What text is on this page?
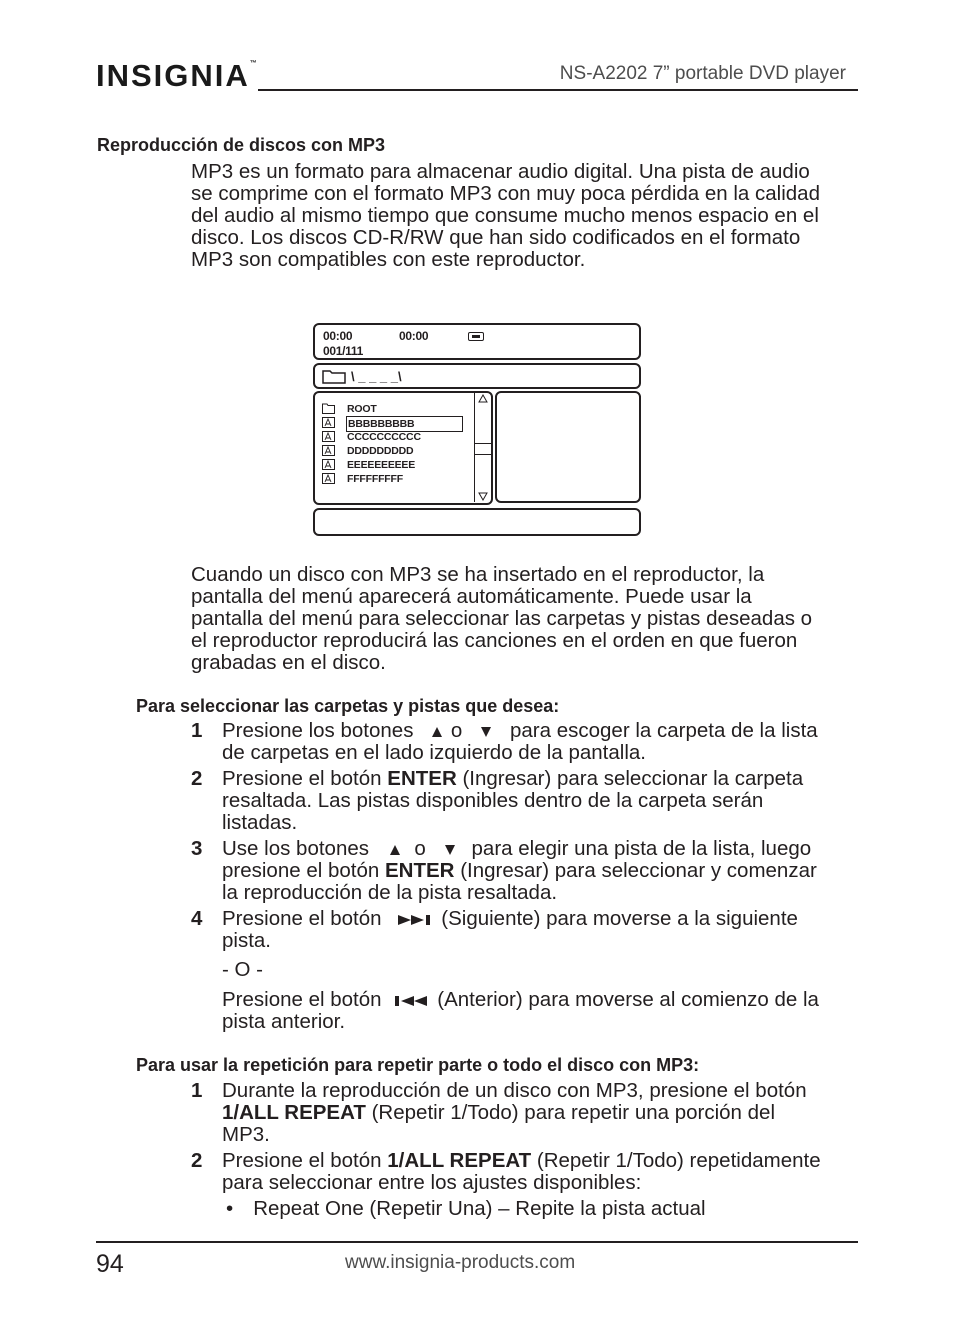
INSIGNIA™	NS-A2202 7” portable DVD player
Reproducción de discos con MP3

MP3 es un formato para almacenar audio digital. Una pista de audio

se comprime con el formato MP3 con muy poca pérdida en la calidad

del audio al mismo tiempo que consume mucho menos espacio en el

disco. Los discos CD-R/RW que han sido codificados en el formato

MP3 son compatibles con este reproductor.

00:00	00:00
001/111
\ _ _ _ _\
ROOT
BBBBBBBBB
CCCCCCCCCC
DDDDDDDDD
EEEEEEEEEE
FFFFFFFFF

Cuando un disco con MP3 se ha insertado en el reproductor, la

pantalla del menú aparecerá automáticamente. Puede usar la

pantalla del menú para seleccionar las carpetas y pistas deseadas o

el reproductor reproducirá las canciones en el orden en que fueron

grabadas en el disco.

Para seleccionar las carpetas y pistas que desea:
1 Presione los botones o para escoger la carpeta de la lista
de carpetas en el lado izquierdo de la pantalla.
2 Presione el botón ENTER (Ingresar) para seleccionar la carpeta
resaltada. Las pistas disponibles dentro de la carpeta serán
listadas.
3 Use los botones o para elegir una pista de la lista, luego
presione el botón ENTER (Ingresar) para seleccionar y comenzar
la reproducción de la pista resaltada.
4 Presione el botón	(Siguiente) para moverse a la siguiente
pista.
- O -
Presione el botón	(Anterior) para moverse al comienzo de la
pista anterior.
Para usar la repetición para repetir parte o todo el disco con MP3:
1 Durante la reproducción de un disco con MP3, presione el botón
1/ALL REPEAT (Repetir 1/Todo) para repetir una porción del
MP3.
2 Presione el botón 1/ALL REPEAT (Repetir 1/Todo) repetidamente
para seleccionar entre los ajustes disponibles:
• Repeat One (Repetir Una) – Repite la pista actual
94	www.insignia-products.com
